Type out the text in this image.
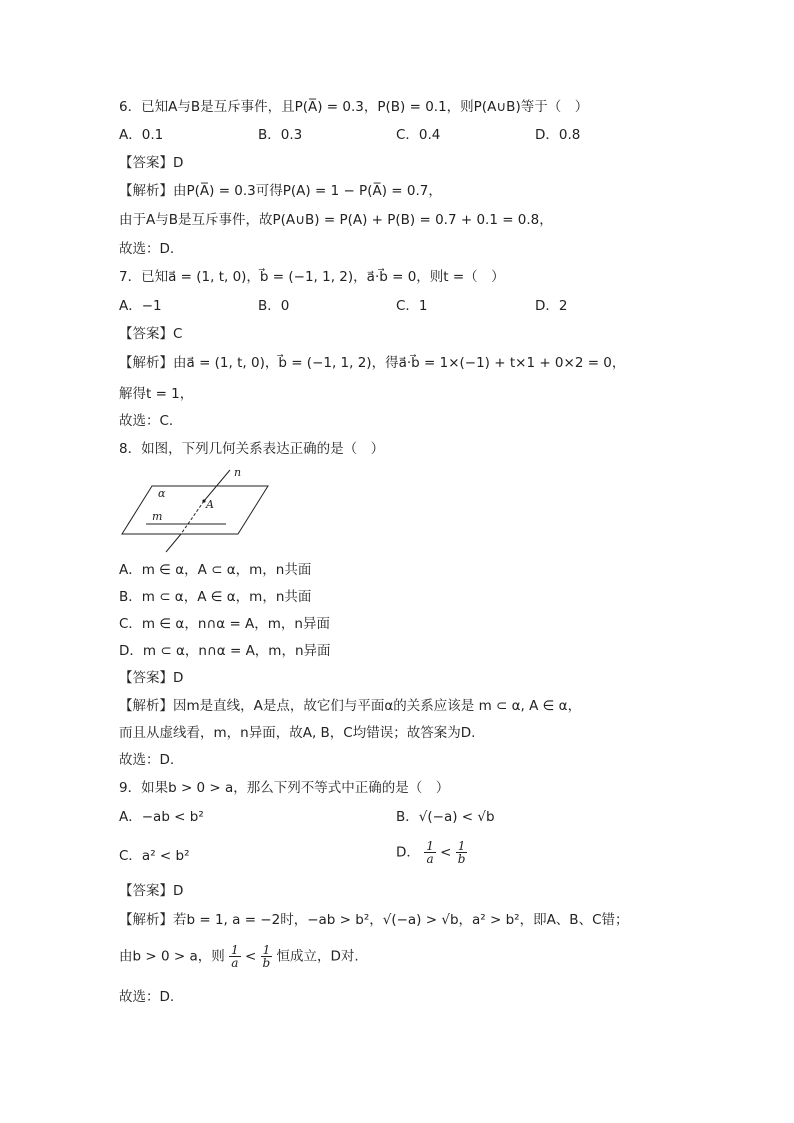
6．已知A与B是互斥事件，且P(A̅) = 0.3，P(B) = 0.1，则P(A∪B)等于（　）
A．0.1	B．0.3	C．0.4	D．0.8
【答案】D
【解析】由P(A̅) = 0.3可得P(A) = 1 − P(A̅) = 0.7，
由于A与B是互斥事件，故P(A∪B) = P(A) + P(B) = 0.7 + 0.1 = 0.8，
故选：D.
7．已知a⃗ = (1, t, 0)，b⃗ = (−1, 1, 2)，a⃗·b⃗ = 0，则t =（　）
A．−1	B．0	C．1	D．2
【答案】C
【解析】由a⃗ = (1, t, 0)，b⃗ = (−1, 1, 2)，得a⃗·b⃗ = 1×(−1) + t×1 + 0×2 = 0，
解得t = 1，
故选：C.
8．如图，下列几何关系表达正确的是（　）
α
A
m
n
A．m ∈ α，A ⊂ α，m，n共面
B．m ⊂ α，A ∈ α，m，n共面
C．m ∈ α，n∩α = A，m，n异面
D．m ⊂ α，n∩α = A，m，n异面
【答案】D
【解析】因m是直线，A是点，故它们与平面α的关系应该是 m ⊂ α, A ∈ α，
而且从虚线看，m，n异面，故A, B，C均错误；故答案为D.
故选：D.
9．如果b > 0 > a，那么下列不等式中正确的是（　）
A．−ab < b²	B．√(−a) < √b
C．a² < b²	D． $\frac{1}{a} < \frac{1}{b}$
【答案】D
【解析】若b = 1, a = −2时，−ab > b²，√(−a) > √b，a² > b²，即A、B、C错；
由b > 0 > a，则 $\frac{1}{a} < \frac{1}{b}$ 恒成立，D对.
故选：D.
